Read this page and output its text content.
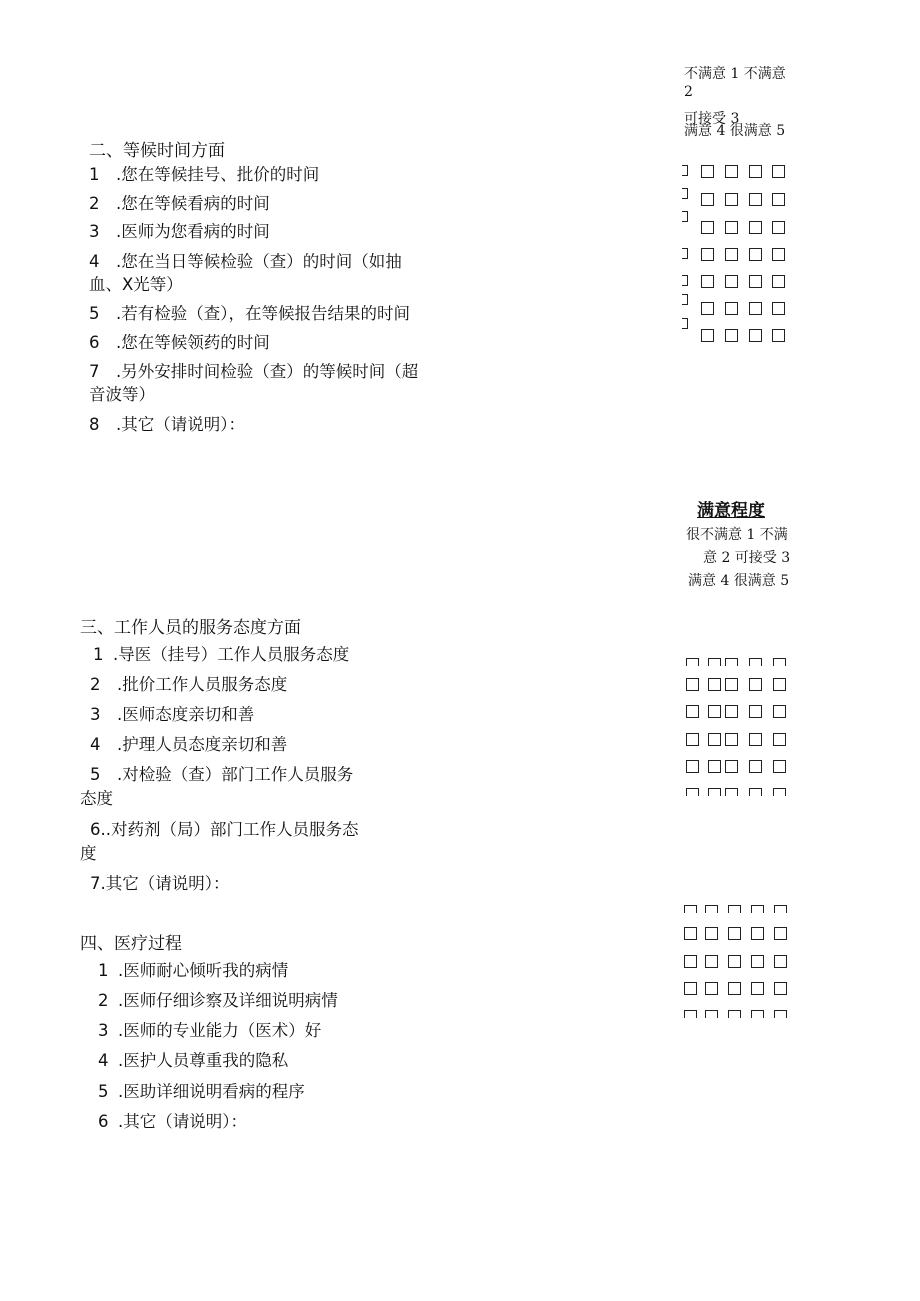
不满意 1 不满意
2
可接受 3
满意 4 很满意 5
二、等候时间方面
1 .您在等候挂号、批价的时间
2 .您在等候看病的时间
3 .医师为您看病的时间
4 .您在当日等候检验（查）的时间（如抽
血、X光等）
5 .若有检验（查），在等候报告结果的时间
6 .您在等候领药的时间
7 .另外安排时间检验（查）的等候时间（超
音波等）
8 .其它（请说明）：
满意程度
很不满意 1 不满
意 2 可接受 3
满意 4 很满意 5
三、工作人员的服务态度方面
1 .导医（挂号）工作人员服务态度
2 .批价工作人员服务态度
3 .医师态度亲切和善
4 .护理人员态度亲切和善
5 .对检验（查）部门工作人员服务
态度
6..对药剂（局）部门工作人员服务态
度
7.其它（请说明）：
四、医疗过程
1 .医师耐心倾听我的病情
2 .医师仔细诊察及详细说明病情
3 .医师的专业能力（医术）好
4 .医护人员尊重我的隐私
5 .医助详细说明看病的程序
6 .其它（请说明）：
